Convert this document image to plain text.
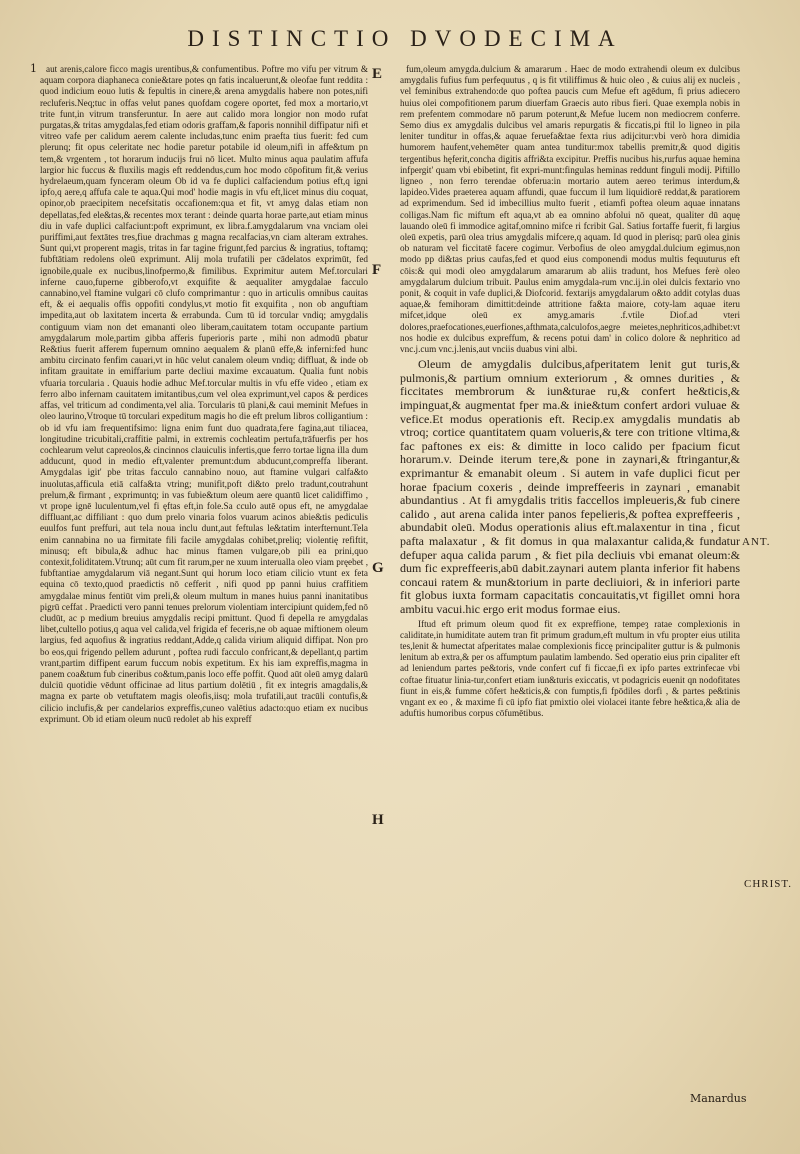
DISTINCTIO DVODECIMA
1 aut arenis,calore ficco magis urentibus,& confumentibus. Poftre mo vifu per vitrum & aquam corpora diaphaneca conie&tare potes qn fatis incaluerunt,& oleofae funt reddita : quod indicium eouo lutis & fepultis in cinere,& arena amygdalis habere non potes,nifi recluferis.Neq;tuc in offas velut panes quofdam cogere oportet, fed mox a mortario,vt trite funt,in vitrum transferuntur. In aere aut calido mora longior non modo rufat purgatas,& tritas amygdalas,fed etiam odoris graffam,& faporis nonnihil diffipatur nifi et vitreo vafe per calidum aerem calente includas,tunc enim praefta tius fuerit: fed cum plerunq; fit opus celeritate nec hodie paretur potabile id oleum,nifi in affe&tum pn tem,& vrgentem , tot horarum inducijs frui nō licet. Multo minus aqua paulatim affufa largior hic fuccus & fluxilis magis eft reddendus,cum hoc modo cōpofitum fit,& verius hydrelaeum,quam fynceram oleum Ob id va fe duplici calfaciendum potius eft,q igni ipfo,q aere,q affufa cale te aqua.Qui mod' hodie magis in vfu eft,licet minus diu coquat, opinor,ob praecipitem necefsitatis occafionem:qua et fit, vt amyg dalas etiam non depellatas,fed ele&tas,& recentes mox terant : deinde quarta horae parte,aut etiam minus diu in vafe duplici calfaciunt:poft exprimunt, ex libra.f.amygdalarum vna vnciam olei puriffimi,aut fextātes tres,fiue drachmas g magna recalfacias,vn ciam alteram extrahes. Sunt qui,vt properent magis, tritas in far tagine frigunt,fed parcius & ingratius, toftamq; fubftātiam redolens oleū exprimunt. Alij mola trufatili per cādelatos exprimūt, fed ignobile,quale ex nucibus,linofpermo,& fimilibus. Exprimitur autem Mef.torculari inferne cauo,fuperne gibberofo,vt exquifite & aequaliter amygdalae facculo cannabino,vel ftamine vulgari cō clufo comprimantur : quo in articulis omnibus cauitas eft, & ei aequalis offis oppofiti condylus,vt motio fit exquifita , non ob anguftiam impedita,aut ob laxitatem incerta & errabunda. Cum tū id torcular vndiq; amygdalis contiguum viam non det emananti oleo liberam,cauitatem totam occupante partium amygdalarum mole,partim gibba afferis fuperioris parte , mihi non admodū pbatur Re&tius fuerit afferem fupernum omnino aequalem & planū effe,& inferni:fed hunc ambitu circinato fenfim cauari,vt in hūc velut canalem oleum vndiq; diffluat, & inde ob infitam grauitate in emiffarium parte decliui maxime excauatum. Qualia funt nobis vfuaria torcularia . Quauis hodie adhuc Mef.torcular multis in vfu effe video , etiam ex ferro albo infernam cauitatem imitantibus,cum vel olea exprimunt,vel capos & perdices affas, vel triticum ad condimenta,vel alia. Torcularis tū plani,& caui meminit Mefues in oleo laurino,Vtroque tū torculari expeditum magis ho die eft prelum libros colligantium : ob id vfu iam frequentifsimo: ligna enim funt duo quadrata,fere fagina,aut tiliacea, longitudine tricubitali,craffitie palmi, in extremis cochleatim pertufa,trāfuerfis per hos cochlearum velut capreolos,& cincinnos clauiculis infertis,que ferro tortae ligna illa dum adducunt, quod in medio eft,valenter premunt:dum abducunt,compreffa liberant. Amygdalas igit' pbe tritas facculo cannabino nouo, aut ftamine vulgari calfa&to inuolutas,afficula etiā calfa&ta vtring; munifit,poft di&to prelo tradunt,coutrahunt prelum,& firmant , exprimuntq; in vas fubie&tum oleum aere quantū licet calidiffimo , vt prope ignē luculentum,vel fi ęftas eft,in fole.Sa cculo autē opus eft, ne amygdalae diffluant,ac diffiliant : quo dum prelo vinaria folos vuarum acinos abie&tis pediculis euulfos funt preffuri, aut tela noua inclu dunt,aut feftulas le&tatim interfternunt.Tela enim cannabina no ua firmitate fili facile amygdalas cohibet,preliq; violentię refiftit, minusq; eft bibula,& adhuc hac minus ftamen vulgare,ob pili ea prini,quo contexit,foliditatem.Vtrunq; aūt cum fit rarum,per ne xuum interualla oleo viam pręebet , fubftantiae amygdalarum viā negant.Sunt qui horum loco etiam cilicio vtunt ex feta equina cō texto,quod praedictis nō cefferit , nifi quod pp panni huius craffitiem amygdalae minus fentiūt vim preli,& oleum multum in manes huius panni inanitatibus pigrū ceffat . Praedicti vero panni tenues prelorum violentiam intercipiunt quidem,fed nō cludūt, ac p medium breuius amygdalis recipi pmittunt. Quod fi depella re amygdalas libet,cultello potius,q aqua vel calida,vel frigida ef feceris,ne ob aquae miftionem oleum largius, fed aquofius & ingratius reddant,Adde,q calida virium aliquid diffipat. Non pro bo eos,qui frigendo pellem adurunt , poftea rudi facculo confricant,& depellant,q partim vrant,partim diffipent earum fuccum nobis expetitum. Ex his iam expreffis,magma in panem coa&tum fub cineribus co&tum,panis loco effe poffit. Quod aūt oleū amyg dalarū dulciū quotidie vēdunt officinae ad litus partium dolētiū , fit ex integris amagdalis,& magna ex parte ob vetuftatem magis oleofis,iisq; mola trufatili,aut tracūli contufis,& cilicio inclufis,& per candelarios expreffis,cuneo valētius adacto:quo etiam ex nucibus exprimunt. Ob id etiam oleum nucū redolet ab his expreff

fum,oleum amygda.dulcium & amararum . Haec de modo extrahendi oleum ex dulcibus amygdalis fufius fum perfequutus , q is fit vtiliffimus & huic oleo , & cuius alij ex nucleis , vel feminibus extrahendo:de quo poftea paucis cum Mefue eft agēdum, fi prius adiecero huius olei compofitionem parum diuerfam Graecis auto ribus fieri. Quae exempla nobis in rem prefentem commodare nō parum poterunt,& Mefue lucem non mediocrem conferre. Semo dius ex amygdalis dulcibus vel amaris repurgatis & ficcatis,pi ftil lo ligneo in pila leniter tunditur in offas,& aquae feruefa&tae fexta rius adijcitur:vbi verò hora dimidia humorem haufent,vehemēter quam antea tunditur:mox tabellis premitr,& quod digitis tergentibus hęferit,concha digitis affri&ta excipitur. Preffis nucibus his,rurfus aquae hemina infpergit' quam vbi ebibetint, fit expri-munt:fingulas heminas reddunt finguli modij. Piftillo ligneo , non ferro terendae obferua:in mortario autem aereo terimus interdum,& lapideo.Vides praeterea aquam affundi, quae fuccum il lum liquidiorē reddat,& paratiorem ad exprimendum. Sed id imbecillius multo fuerit , etiamfi poftea oleum aquae innatans colligas.Nam fic miftum eft aqua,vt ab ea omnino abfolui nō queat, qualiter dū aquę lauando oleū fi immodice agitaf,omnino mifce ri fcribit Gal. Satius fortaffe fuerit, fi largius oleū expetis, parū olea trius amygdalis mifcere,q aquam. Id quod in plerisq; parū olea ginis ob naturam vel ficcitatē facere cogimur. Verbofius de oleo amygdal.dulcium egimus,non modo pp di&tas prius caufas,fed et quod eius componendi modus multis fequuturus eft cōis:& qui modi oleo amygdalarum amararum ab aliis tradunt, hos Mefues ferè oleo amygdalarum dulcium tribuit. Paulus enim amygdala-rum vnc.ij.in olei dulcis fextario vno ponit, & coquit in vafe duplici,& Diofcorid. fextarijs amygdalarum o&to addit cotylas duas aquae,& femihoram dimittit:deinde attritione fa&ta maiore, coty-lam aquae iteru mifcet,idque oleū ex amyg.amaris .f.vtile Diof.ad vteri dolores,praefocationes,euerfiones,afthmata,calculofos,aegre meietes,nephriticos,adhibet:vt nos hodie ex dulcibus expreffum, & recens potui dam' in colico dolore & nephritico ad vnc.j.cum vnc.j.lenis,aut vnciis duabus vini albi.

Oleum de amygdalis dulcibus,afperitatem lenit gut turis,& pulmonis,& partium omnium exteriorum , & omnes durities , & ficcitates membrorum & iun&turae ru,& confert he&ticis,& impinguat,& augmentat fper ma.& inie&tum confert ardori vuluae & vefice.Et modus operationis eft. Recip.ex amygdalis mundatis ab vtroq; cortice quantitatem quam volueris,& tere con tritione vltima,& fac paftones ex eis: & dimitte in loco calido per fpacium ficut horarum.v. Deinde iterum tere,& pone in zaynari,& ftringantur,& exprimantur & emanabit oleum . Si autem in vafe duplici ficut per horae fpacium coxeris , deinde impreffeeris in zaynari , emanabit abundantius . At fi amygdalis tritis faccellos impleueris,& fub cinere calido , aut arena calida inter panos fepelieris,& poftea expreffeeris , abundabit oleū. Modus operationis alius eft.malaxentur in tina , ficut pafta malaxatur , & fit domus in qua malaxantur calida,& fundatur defuper aqua calida parum , & fiet pila decliuis vbi emanat oleum:& dum fic expreffeeris,abū dabit.zaynari autem planta inferior fit habens concaui ratem & mun&torium in parte decliuiori, & in inferiori parte fit globus iuxta formam capacitatis concauitatis,vt figillet omni hora ambitu vacui.hic ergo erit modus formae eius.

Iftud eft primum oleum quod fit ex expreffione, tempeȝ ratae complexionis in caliditate,in humiditate autem tran fit primum gradum,eft multum in vfu propter eius utilita tes,lenit & humectat afperitates malae complexionis ficcę principaliter guttur is & pulmonis lenitum ab extra,& per os affumptum paulatim lambendo. Sed operatio eius prin cipaliter eft ad leniendum partes pe&toris, vnde confert cuf fi ficcae,fi ex ipfo partes extrinfecae vbi coftae fituatur linia-tur,confert etiam iun&turis exiccatis, vt podagricis euenit qn nodofitates fiunt in eis,& fumme cōfert he&ticis,& con fumptis,fi fpōdiles dorfi , & partes pe&tinis vngant ex eo , & maxime fi cū ipfo fiat pmixtio olei violacei itante febre he&tica,& alia de aduftis humoribus corpus cōfumētibus.

E
F
G
H
ANT.
CHRIST.
Manardus
